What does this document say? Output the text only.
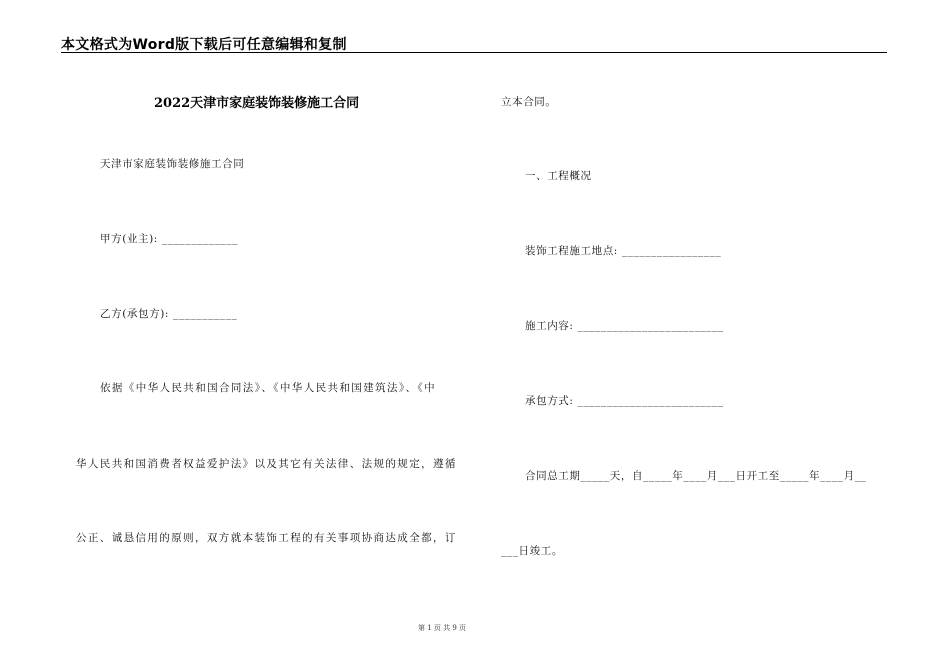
本文格式为Word版下载后可任意编辑和复制
2022天津市家庭装饰装修施工合同
天津市家庭装饰装修施工合同
甲方(业主): _____________
乙方(承包方): ___________
依据《中华人民共和国合同法》、《中华人民共和国建筑法》、《中
华人民共和国消费者权益爱护法》以及其它有关法律、法规的规定，遵循
公正、诚恳信用的原则，双方就本装饰工程的有关事项协商达成全都，订
立本合同。
一、工程概况
装饰工程施工地点: _________________
施工内容: _________________________
承包方式: _________________________
合同总工期_____天，自_____年____月___日开工至_____年____月__
___日竣工。
第 1 页 共 9 页
